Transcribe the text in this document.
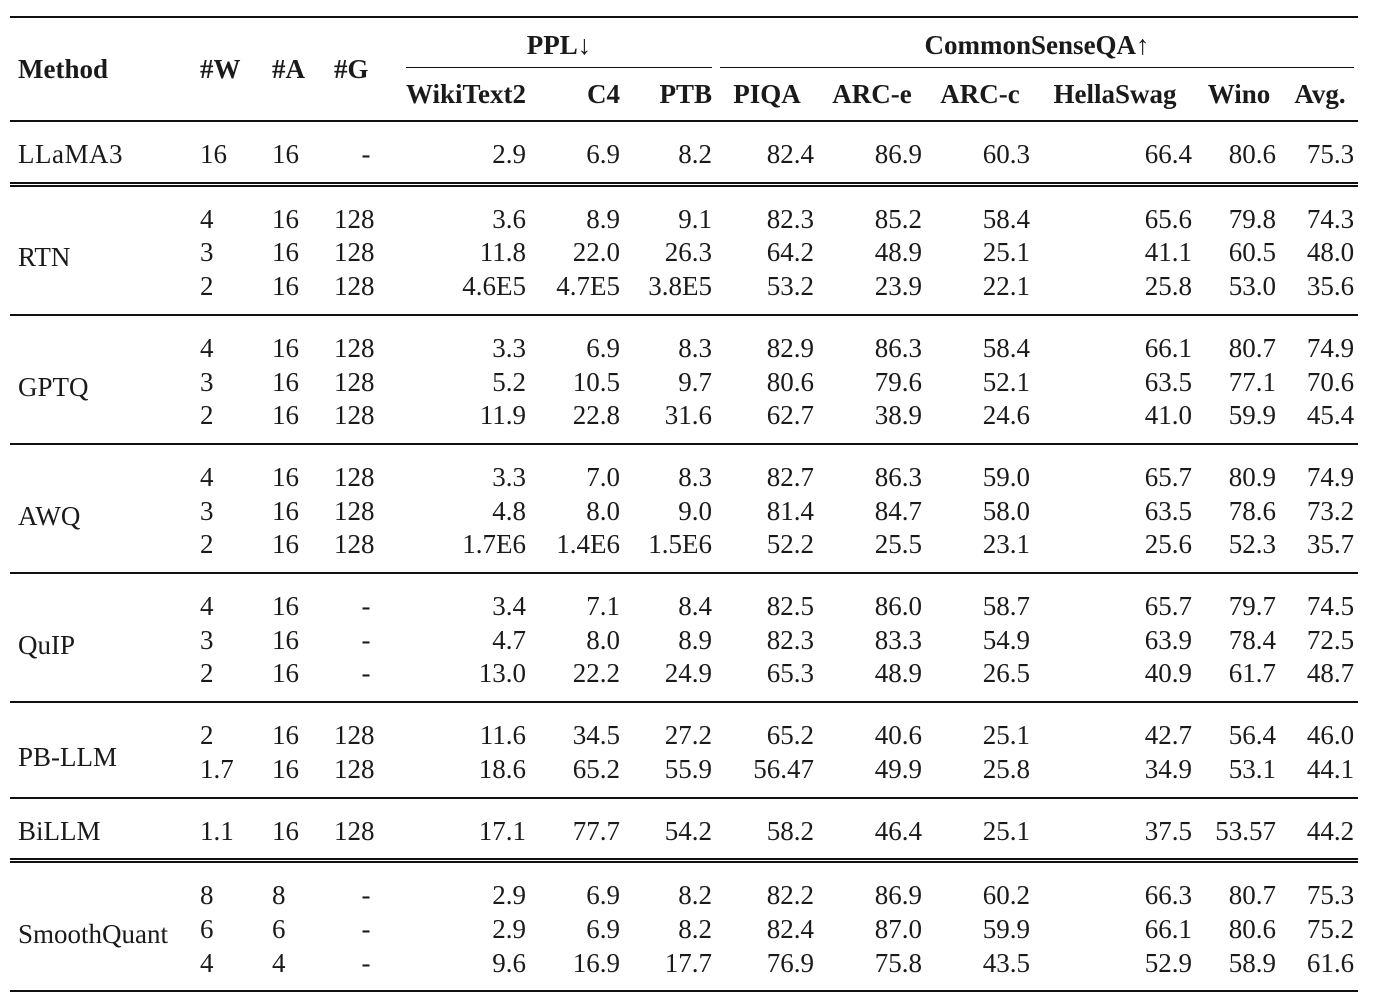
Method	#W	#A	#G	PPL↓			CommonSenseQA↑					

				WikiText2	C4	PTB	PIQA	ARC-e	ARC-c	HellaSwag	Wino	Avg.
LLaMA3	16	16	-	2.9	6.9	8.2	82.4	86.9	60.3	66.4	80.6	75.3
RTN	4	16	128	3.6	8.9	9.1	82.3	85.2	58.4	65.6	79.8	74.3
	3	16	128	11.8	22.0	26.3	64.2	48.9	25.1	41.1	60.5	48.0
	2	16	128	4.6E5	4.7E5	3.8E5	53.2	23.9	22.1	25.8	53.0	35.6
GPTQ	4	16	128	3.3	6.9	8.3	82.9	86.3	58.4	66.1	80.7	74.9
	3	16	128	5.2	10.5	9.7	80.6	79.6	52.1	63.5	77.1	70.6
	2	16	128	11.9	22.8	31.6	62.7	38.9	24.6	41.0	59.9	45.4
AWQ	4	16	128	3.3	7.0	8.3	82.7	86.3	59.0	65.7	80.9	74.9
	3	16	128	4.8	8.0	9.0	81.4	84.7	58.0	63.5	78.6	73.2
	2	16	128	1.7E6	1.4E6	1.5E6	52.2	25.5	23.1	25.6	52.3	35.7
QuIP	4	16	-	3.4	7.1	8.4	82.5	86.0	58.7	65.7	79.7	74.5
	3	16	-	4.7	8.0	8.9	82.3	83.3	54.9	63.9	78.4	72.5
	2	16	-	13.0	22.2	24.9	65.3	48.9	26.5	40.9	61.7	48.7
PB-LLM	2	16	128	11.6	34.5	27.2	65.2	40.6	25.1	42.7	56.4	46.0
	1.7	16	128	18.6	65.2	55.9	56.47	49.9	25.8	34.9	53.1	44.1
BiLLM	1.1	16	128	17.1	77.7	54.2	58.2	46.4	25.1	37.5	53.57	44.2
SmoothQuant	8	8	-	2.9	6.9	8.2	82.2	86.9	60.2	66.3	80.7	75.3
	6	6	-	2.9	6.9	8.2	82.4	87.0	59.9	66.1	80.6	75.2
	4	4	-	9.6	16.9	17.7	76.9	75.8	43.5	52.9	58.9	61.6
